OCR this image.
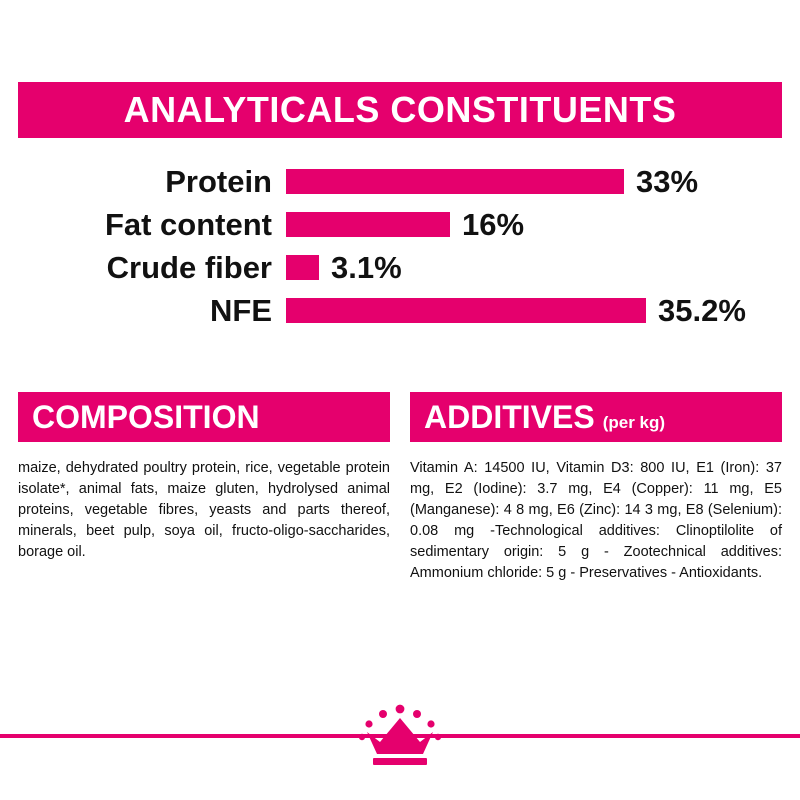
ANALYTICALS CONSTITUENTS
Protein	33%
Fat content	16%
Crude fiber	3.1%
NFE	35.2%
COMPOSITION
maize, dehydrated poultry protein, rice, vegetable protein isolate*, animal fats, maize gluten, hydrolysed animal proteins, vegetable fibres, yeasts and parts thereof, minerals, beet pulp, soya oil, fructo-oligo-saccharides, borage oil.
ADDITIVES (per kg)
Vitamin A: 14500 IU, Vitamin D3: 800 IU, E1 (Iron): 37 mg, E2 (Iodine): 3.7 mg, E4 (Copper): 11 mg, E5 (Manganese): 4 8 mg, E6 (Zinc): 14 3 mg, E8 (Selenium): 0.08 mg -Technological additives: Clinoptilolite of sedimentary origin: 5 g - Zootechnical additives: Ammonium chloride: 5 g - Preservatives - Antioxidants.
